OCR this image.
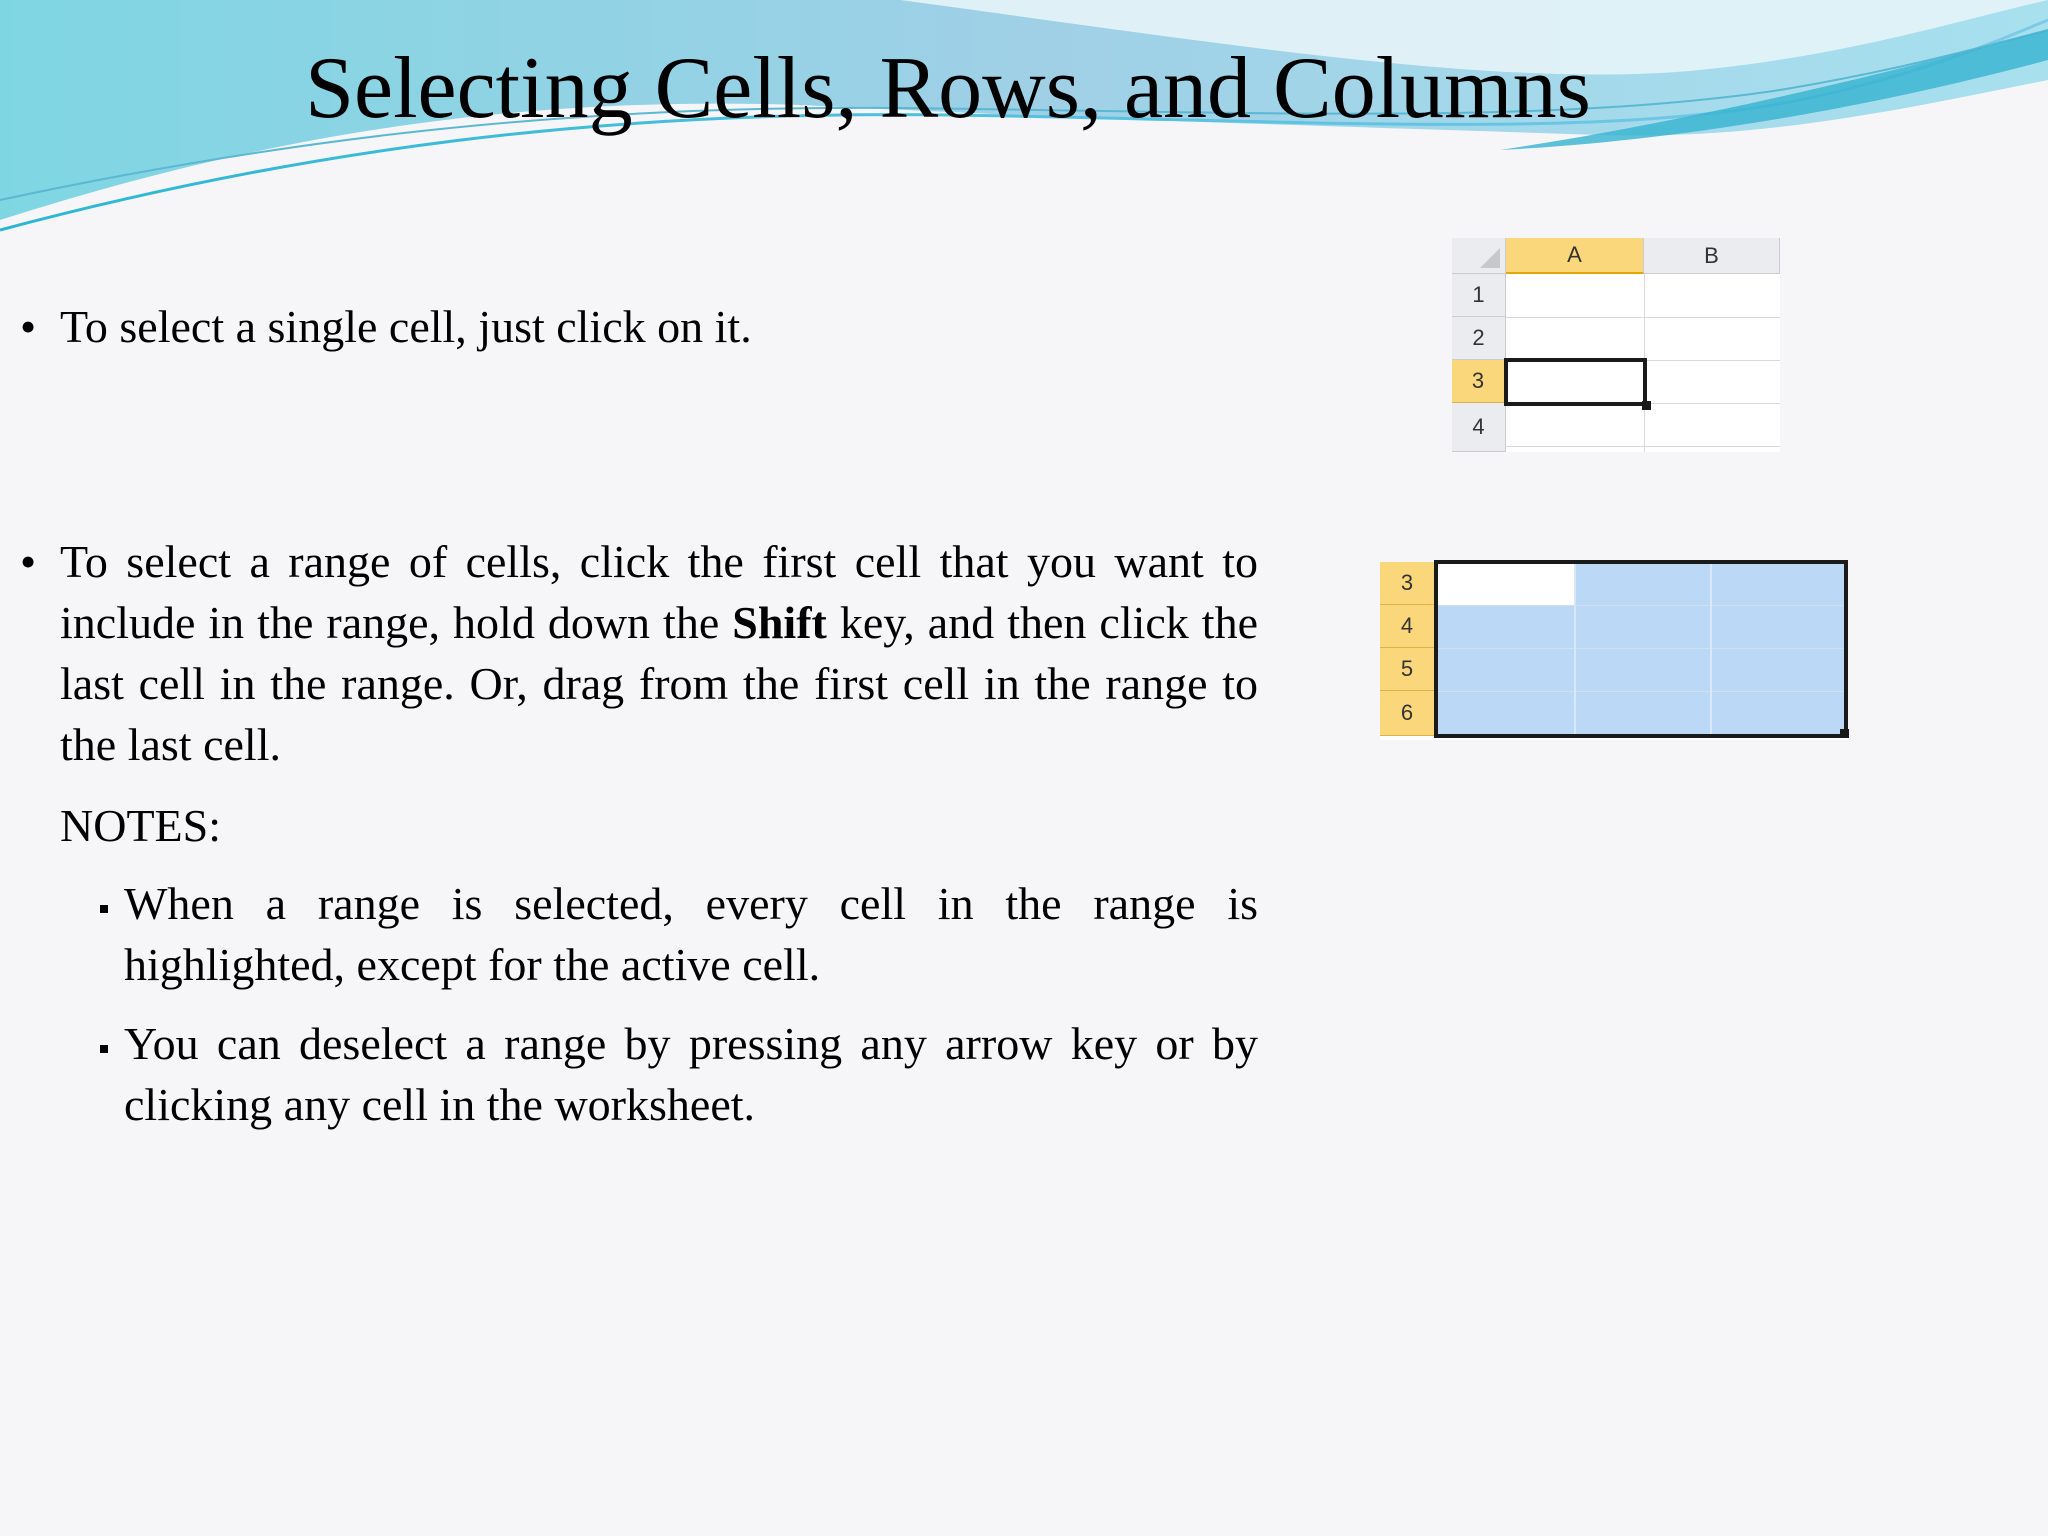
Selecting Cells, Rows, and Columns
• To select a single cell, just click on it.
• To select a range of cells, click the first cell that you want to include in the range, hold down the Shift key, and then click the last cell in the range. Or, drag from the first cell in the range to the last cell.
NOTES:
When a range is selected, every cell in the range is highlighted, except for the active cell.
You can deselect a range by pressing any arrow key or by clicking any cell in the worksheet.
A	B
1
2
3
4
3
4
5
6
